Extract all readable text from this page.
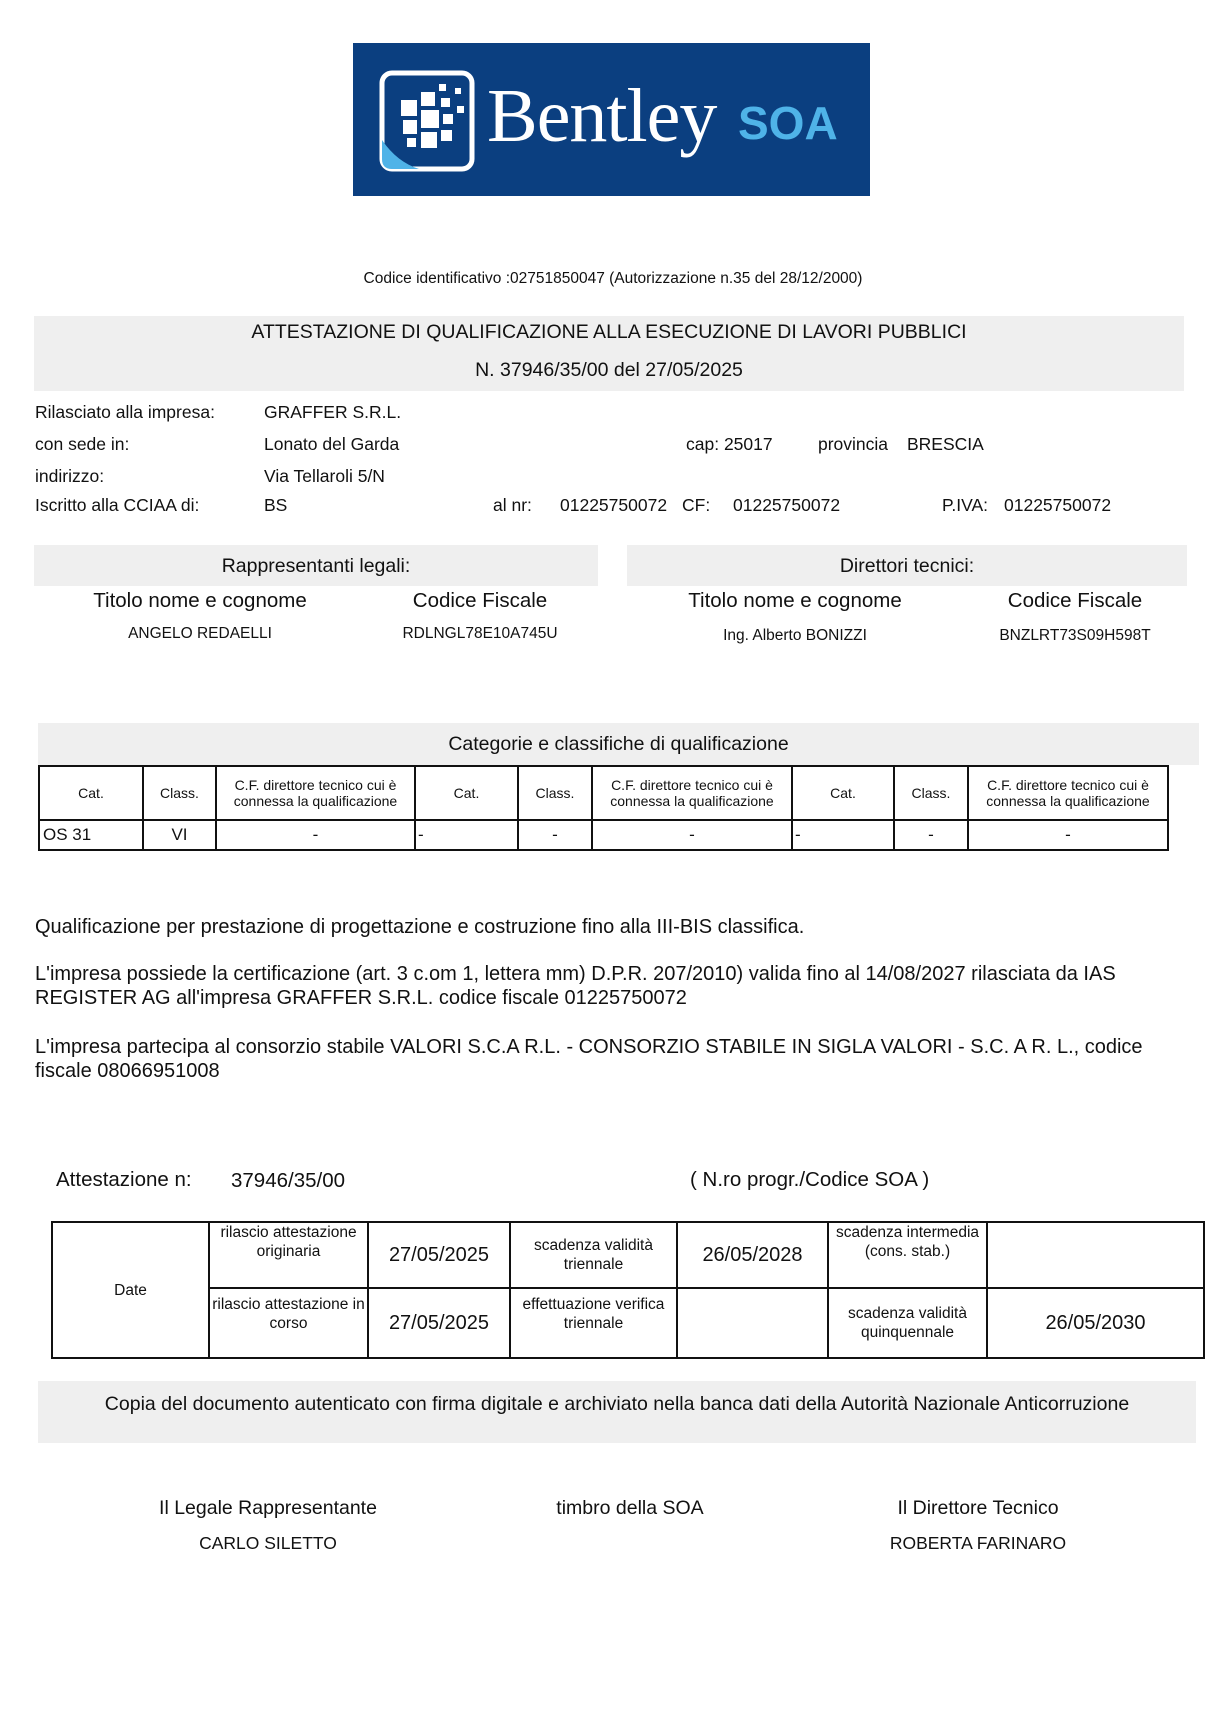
Bentley SOA
Codice identificativo :02751850047 (Autorizzazione n.35 del 28/12/2000)
ATTESTAZIONE DI QUALIFICAZIONE ALLA ESECUZIONE DI LAVORI PUBBLICI
N. 37946/35/00 del 27/05/2025
Rilasciato alla impresa:	GRAFFER S.R.L.
con sede in:	Lonato del Garda	cap: 25017	provincia BRESCIA
indirizzo:	Via Tellaroli 5/N
Iscritto alla CCIAA di:	BS	al nr: 01225750072 CF: 01225750072	P.IVA: 01225750072
Rappresentanti legali:	Direttori tecnici:
Titolo nome e cognome	Codice Fiscale	Titolo nome e cognome	Codice Fiscale
ANGELO REDAELLI	RDLNGL78E10A745U	Ing. Alberto BONIZZI	BNZLRT73S09H598T
Categorie e classifiche di qualificazione
Cat.	Class.	C.F. direttore tecnico cui è connessa la qualificazione	Cat.	Class.	C.F. direttore tecnico cui è connessa la qualificazione	Cat.	Class.	C.F. direttore tecnico cui è connessa la qualificazione
OS 31	VI	-	-	-	-	-	-	-

Qualificazione per prestazione di progettazione e costruzione fino alla III-BIS classifica.

L'impresa possiede la certificazione (art. 3 c.om 1, lettera mm) D.P.R. 207/2010) valida fino al 14/08/2027 rilasciata da IAS REGISTER AG all'impresa GRAFFER S.R.L. codice fiscale 01225750072

L'impresa partecipa al consorzio stabile VALORI S.C.A R.L. - CONSORZIO STABILE IN SIGLA VALORI - S.C. A R. L., codice fiscale 08066951008

Attestazione n: 37946/35/00	( N.ro progr./Codice SOA )
Date	rilascio attestazione originaria	27/05/2025	scadenza validità triennale	26/05/2028	scadenza intermedia (cons. stab.)	
	rilascio attestazione in corso	27/05/2025	effettuazione verifica triennale		scadenza validità quinquennale	26/05/2030
Copia del documento autenticato con firma digitale e archiviato nella banca dati della Autorità Nazionale Anticorruzione
Il Legale Rappresentante
CARLO SILETTO
timbro della SOA	Il Direttore Tecnico
ROBERTA FARINARO
